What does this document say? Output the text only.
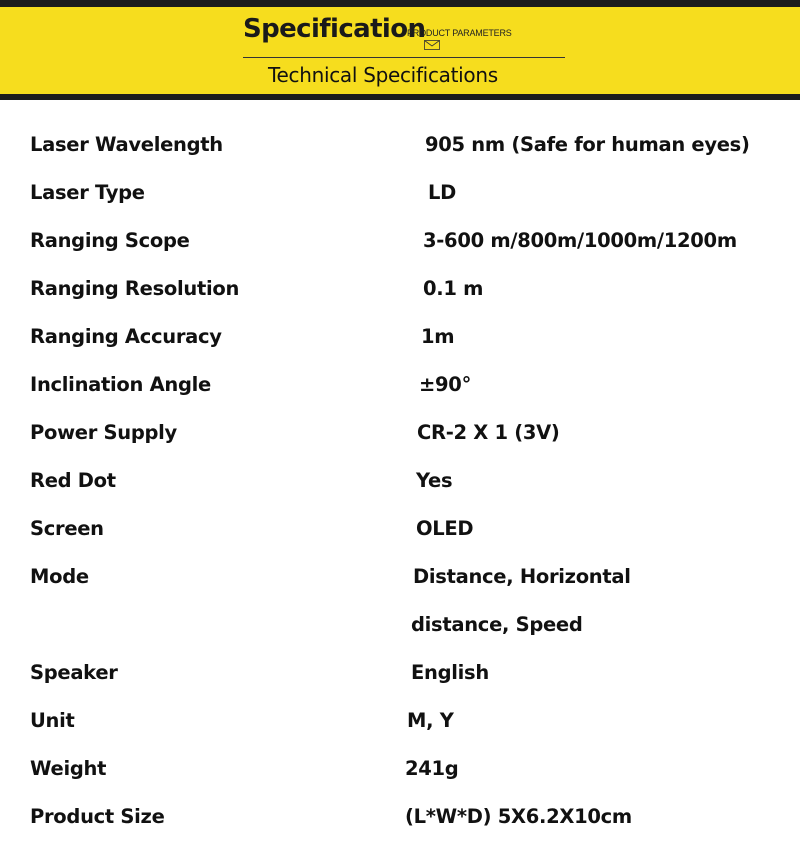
Specification
PRODUCT PARAMETERS
Technical Specifications
Laser Wavelength	905 nm (Safe for human eyes)
Laser Type	LD
Ranging Scope	3-600 m/800m/1000m/1200m
Ranging Resolution	0.1 m
Ranging Accuracy	1m
Inclination Angle	±90°
Power Supply	CR-2 X 1 (3V)
Red Dot	Yes
Screen	OLED
Mode	Distance, Horizontal
distance, Speed
Speaker	English
Unit	M, Y
Weight	241g
Product Size	(L*W*D) 5X6.2X10cm
